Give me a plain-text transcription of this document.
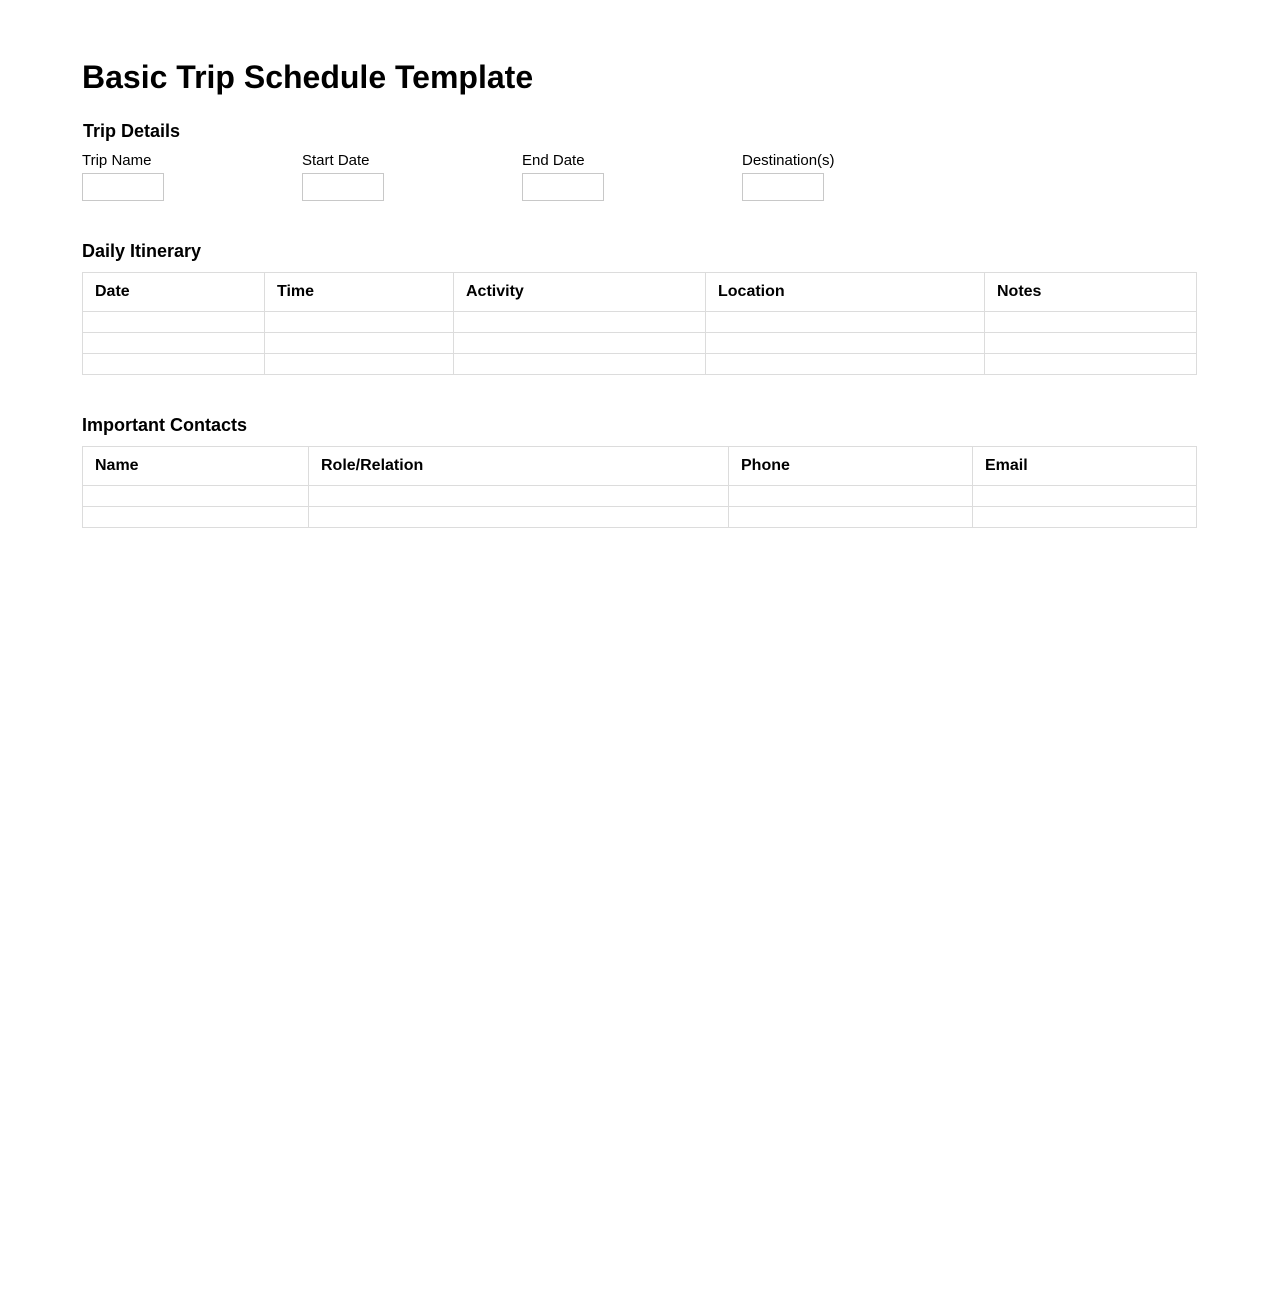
Basic Trip Schedule Template
Trip Details
Trip Name	Start Date	End Date	Destination(s)
Daily Itinerary
Date	Time	Activity	Location	Notes

Important Contacts
Name	Role/Relation	Phone	Email
